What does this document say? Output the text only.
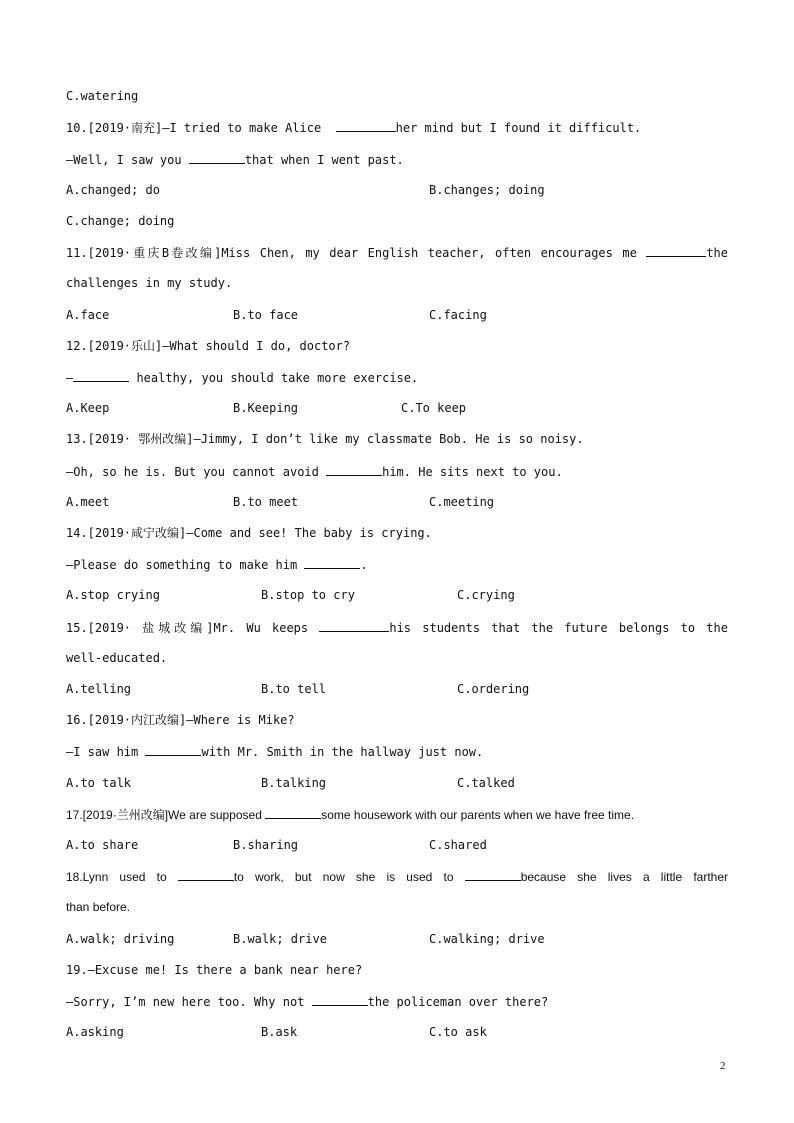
C.watering
10.[2019·南充]—I tried to make Alice	her mind but I found it difficult.
—Well, I saw you	that when I went past.
A.changed; do	B.changes; doing
C.change; doing
11.[2019·重庆B卷改编]Miss Chen, my dear English teacher, often encourages me	the
challenges in my study.
A.face	B.to face	C.facing
12.[2019·乐山]—What should I do, doctor?
—	healthy, you should take more exercise.
A.Keep	B.Keeping	C.To keep
13.[2019· 鄂州改编]—Jimmy, I don’t like my classmate Bob. He is so noisy.
—Oh, so he is. But you cannot avoid	him. He sits next to you.
A.meet	B.to meet	C.meeting
14.[2019·咸宁改编]—Come and see! The baby is crying.
—Please do something to make him	.
A.stop crying	B.stop to cry	C.crying
15.[2019· 盐城改编]Mr. Wu keeps	his students that the future belongs to the
well-educated.
A.telling	B.to tell	C.ordering
16.[2019·内江改编]—Where is Mike?
—I saw him	with Mr. Smith in the hallway just now.
A.to talk	B.talking	C.talked
17.[2019·兰州改编]We are supposed	some housework with our parents when we have free time.
A.to share	B.sharing	C.shared
18.Lynn used to	to work, but now she is used to	because she lives a little farther
than before.
A.walk; driving	B.walk; drive	C.walking; drive
19.—Excuse me! Is there a bank near here?
—Sorry, I’m new here too. Why not	the policeman over there?
A.asking	B.ask	C.to ask
2
